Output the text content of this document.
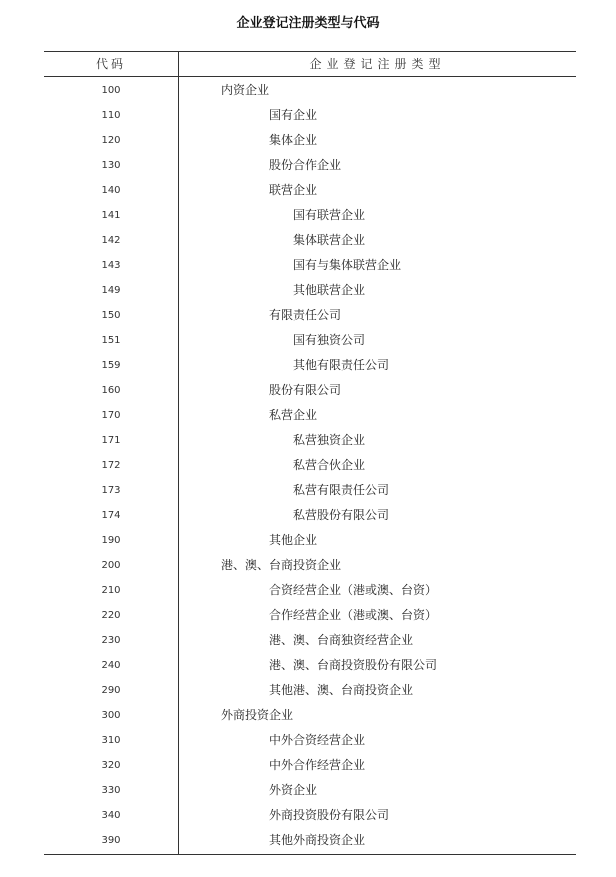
企业登记注册类型与代码
代码	企业登记注册类型
100	内资企业
110	国有企业
120	集体企业
130	股份合作企业
140	联营企业
141	国有联营企业
142	集体联营企业
143	国有与集体联营企业
149	其他联营企业
150	有限责任公司
151	国有独资公司
159	其他有限责任公司
160	股份有限公司
170	私营企业
171	私营独资企业
172	私营合伙企业
173	私营有限责任公司
174	私营股份有限公司
190	其他企业
200	港、澳、台商投资企业
210	合资经营企业（港或澳、台资）
220	合作经营企业（港或澳、台资）
230	港、澳、台商独资经营企业
240	港、澳、台商投资股份有限公司
290	其他港、澳、台商投资企业
300	外商投资企业
310	中外合资经营企业
320	中外合作经营企业
330	外资企业
340	外商投资股份有限公司
390	其他外商投资企业
